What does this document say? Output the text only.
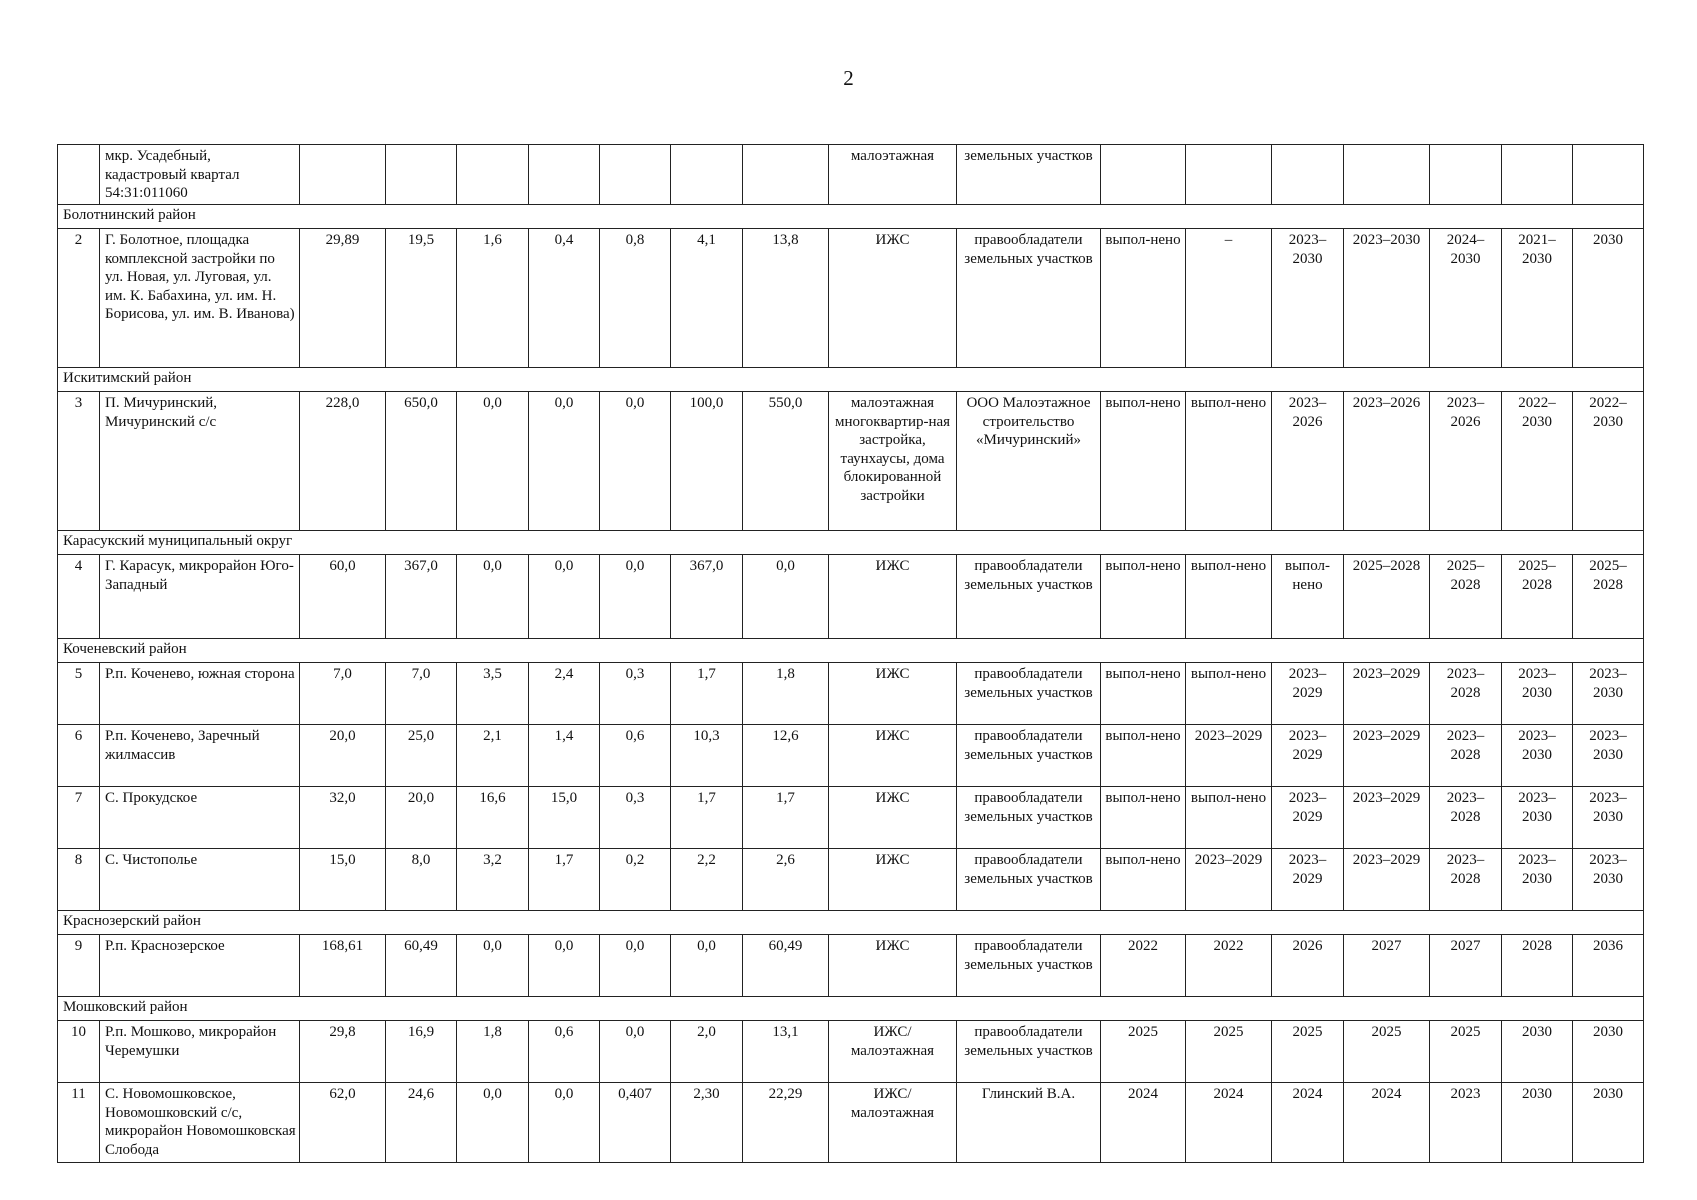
2
	мкр. Усадебный, кадастровый квартал 54:31:011060								малоэтажная	земельных участков							
Болотнинский район																	
2	Г. Болотное, площадка комплексной застройки по ул. Новая, ул. Луговая, ул. им. К. Бабахина, ул. им. Н. Борисова, ул. им. В. Иванова)	29,89	19,5	1,6	0,4	0,8	4,1	13,8	ИЖС	правообладатели земельных участков	выпол-нено	–	2023–2030	2023–2030	2024–2030	2021–2030	2030
Искитимский район																	
3	П. Мичуринский, Мичуринский с/с	228,0	650,0	0,0	0,0	0,0	100,0	550,0	малоэтажная многоквартир-ная застройка, таунхаусы, дома блокированной застройки	ООО Малоэтажное строительство «Мичуринский»	выпол-нено	выпол-нено	2023–2026	2023–2026	2023–2026	2022–2030	2022–2030
Карасукский муниципальный округ																	
4	Г. Карасук, микрорайон Юго-Западный	60,0	367,0	0,0	0,0	0,0	367,0	0,0	ИЖС	правообладатели земельных участков	выпол-нено	выпол-нено	выпол-нено	2025–2028	2025–2028	2025–2028	2025–2028
Коченевский район																	
5	Р.п. Коченево, южная сторона	7,0	7,0	3,5	2,4	0,3	1,7	1,8	ИЖС	правообладатели земельных участков	выпол-нено	выпол-нено	2023–2029	2023–2029	2023–2028	2023–2030	2023–2030
6	Р.п. Коченево, Заречный жилмассив	20,0	25,0	2,1	1,4	0,6	10,3	12,6	ИЖС	правообладатели земельных участков	выпол-нено	2023–2029	2023–2029	2023–2029	2023–2028	2023–2030	2023–2030
7	С. Прокудское	32,0	20,0	16,6	15,0	0,3	1,7	1,7	ИЖС	правообладатели земельных участков	выпол-нено	выпол-нено	2023–2029	2023–2029	2023–2028	2023–2030	2023–2030
8	С. Чистополье	15,0	8,0	3,2	1,7	0,2	2,2	2,6	ИЖС	правообладатели земельных участков	выпол-нено	2023–2029	2023–2029	2023–2029	2023–2028	2023–2030	2023–2030
Краснозерский район																	
9	Р.п. Краснозерское	168,61	60,49	0,0	0,0	0,0	0,0	60,49	ИЖС	правообладатели земельных участков	2022	2022	2026	2027	2027	2028	2036
Мошковский район																	
10	Р.п. Мошково, микрорайон Черемушки	29,8	16,9	1,8	0,6	0,0	2,0	13,1	ИЖС/ малоэтажная	правообладатели земельных участков	2025	2025	2025	2025	2025	2030	2030
11	С. Новомошковское, Новомошковский с/с, микрорайон Новомошковская Слобода	62,0	24,6	0,0	0,0	0,407	2,30	22,29	ИЖС/ малоэтажная	Глинский В.А.	2024	2024	2024	2024	2023	2030	2030
